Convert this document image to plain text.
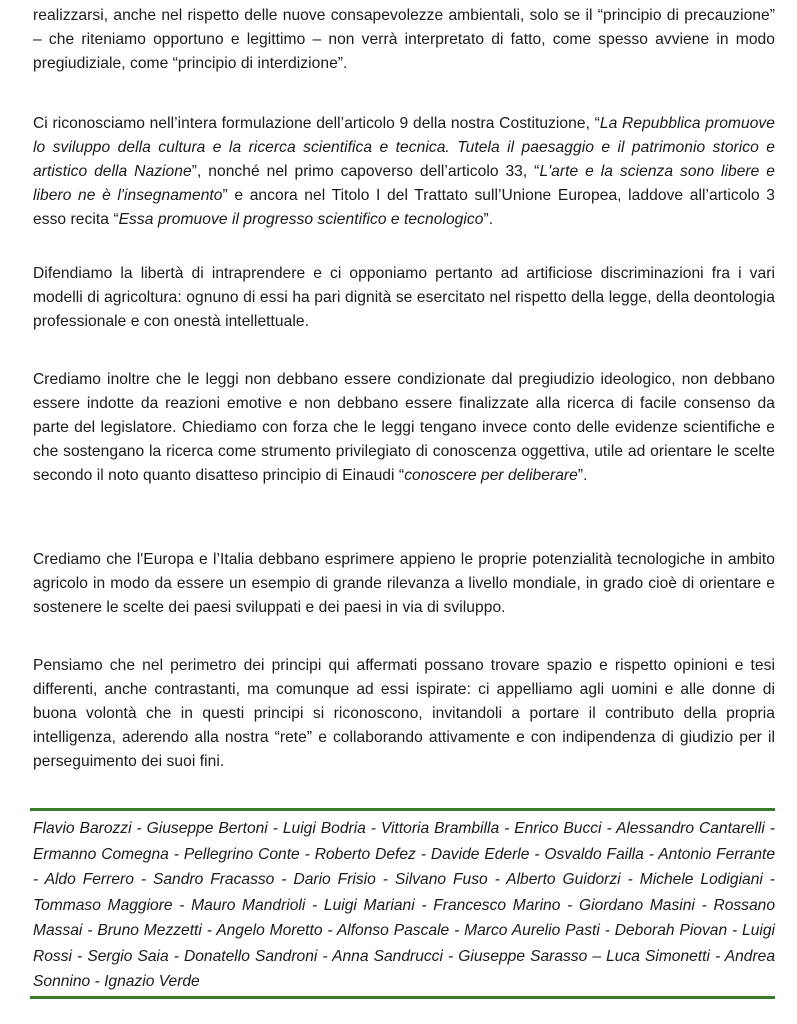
realizzarsi, anche nel rispetto delle nuove consapevolezze ambientali, solo se il “principio di precauzione” – che riteniamo opportuno e legittimo – non verrà interpretato di fatto, come spesso avviene in modo pregiudiziale, come “principio di interdizione”.

Ci riconosciamo nell’intera formulazione dell’articolo 9 della nostra Costituzione, “La Repubblica promuove lo sviluppo della cultura e la ricerca scientifica e tecnica. Tutela il paesaggio e il patrimonio storico e artistico della Nazione”, nonché nel primo capoverso dell’articolo 33, “L'arte e la scienza sono libere e libero ne è l'insegnamento” e ancora nel Titolo I del Trattato sull’Unione Europea, laddove all’articolo 3 esso recita “Essa promuove il progresso scientifico e tecnologico”.

Difendiamo la libertà di intraprendere e ci opponiamo pertanto ad artificiose discriminazioni fra i vari modelli di agricoltura: ognuno di essi ha pari dignità se esercitato nel rispetto della legge, della deontologia professionale e con onestà intellettuale.

Crediamo inoltre che le leggi non debbano essere condizionate dal pregiudizio ideologico, non debbano essere indotte da reazioni emotive e non debbano essere finalizzate alla ricerca di facile consenso da parte del legislatore. Chiediamo con forza che le leggi tengano invece conto delle evidenze scientifiche e che sostengano la ricerca come strumento privilegiato di conoscenza oggettiva, utile ad orientare le scelte secondo il noto quanto disatteso principio di Einaudi “conoscere per deliberare”.

Crediamo che l'Europa e l’Italia debbano esprimere appieno le proprie potenzialità tecnologiche in ambito agricolo in modo da essere un esempio di grande rilevanza a livello mondiale, in grado cioè di orientare e sostenere le scelte dei paesi sviluppati e dei paesi in via di sviluppo.

Pensiamo che nel perimetro dei principi qui affermati possano trovare spazio e rispetto opinioni e tesi differenti, anche contrastanti, ma comunque ad essi ispirate: ci appelliamo agli uomini e alle donne di buona volontà che in questi principi si riconoscono, invitandoli a portare il contributo della propria intelligenza, aderendo alla nostra “rete” e collaborando attivamente e con indipendenza di giudizio per il perseguimento dei suoi fini.

Flavio Barozzi - Giuseppe Bertoni - Luigi Bodria - Vittoria Brambilla - Enrico Bucci - Alessandro Cantarelli - Ermanno Comegna - Pellegrino Conte - Roberto Defez - Davide Ederle - Osvaldo Failla - Antonio Ferrante - Aldo Ferrero - Sandro Fracasso - Dario Frisio - Silvano Fuso - Alberto Guidorzi - Michele Lodigiani - Tommaso Maggiore - Mauro Mandrioli - Luigi Mariani - Francesco Marino - Giordano Masini - Rossano Massai - Bruno Mezzetti - Angelo Moretto - Alfonso Pascale - Marco Aurelio Pasti - Deborah Piovan - Luigi Rossi - Sergio Saia - Donatello Sandroni - Anna Sandrucci - Giuseppe Sarasso – Luca Simonetti - Andrea Sonnino - Ignazio Verde
